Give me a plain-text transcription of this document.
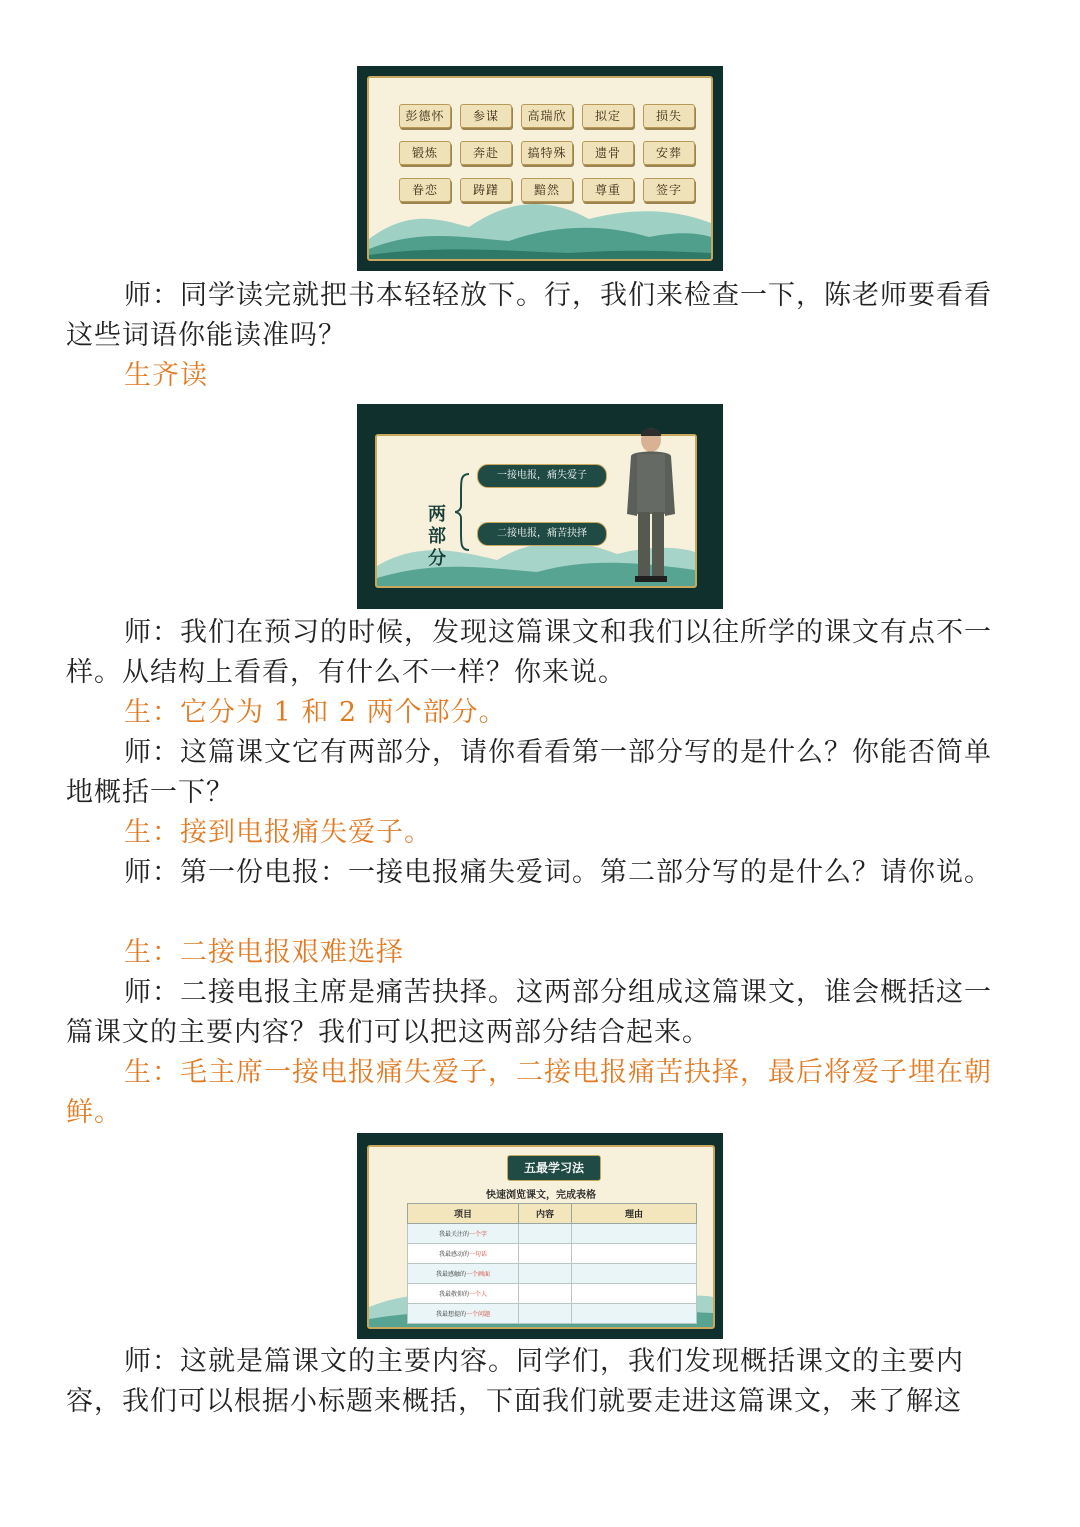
彭德怀	参谋	高瑞欣	拟定	损失
锻炼	奔赴	搞特殊	遗骨	安葬
眷恋	踌躇	黯然	尊重	签字

师：同学读完就把书本轻轻放下。行，我们来检查一下，陈老师要看看这些词语你能读准吗？

生齐读

两部分
一接电报，痛失爱子
二接电报，痛苦抉择

师：我们在预习的时候，发现这篇课文和我们以往所学的课文有点不一样。从结构上看看，有什么不一样？你来说。

生：它分为 1 和 2 两个部分。

师：这篇课文它有两部分，请你看看第一部分写的是什么？你能否简单地概括一下？

生：接到电报痛失爱子。

师：第一份电报：一接电报痛失爱词。第二部分写的是什么？请你说。

生：二接电报艰难选择

师：二接电报主席是痛苦抉择。这两部分组成这篇课文，谁会概括这一篇课文的主要内容？我们可以把这两部分结合起来。

生：毛主席一接电报痛失爱子，二接电报痛苦抉择，最后将爱子埋在朝鲜。

五最学习法
快速浏览课文，完成表格
项目	内容	理由
我最关注的一个字		
我最感动的一句话		
我最感触的一个画面		
我最敬仰的一个人		
我最想提的一个问题		

师：这就是篇课文的主要内容。同学们，我们发现概括课文的主要内容，我们可以根据小标题来概括，下面我们就要走进这篇课文，来了解这
